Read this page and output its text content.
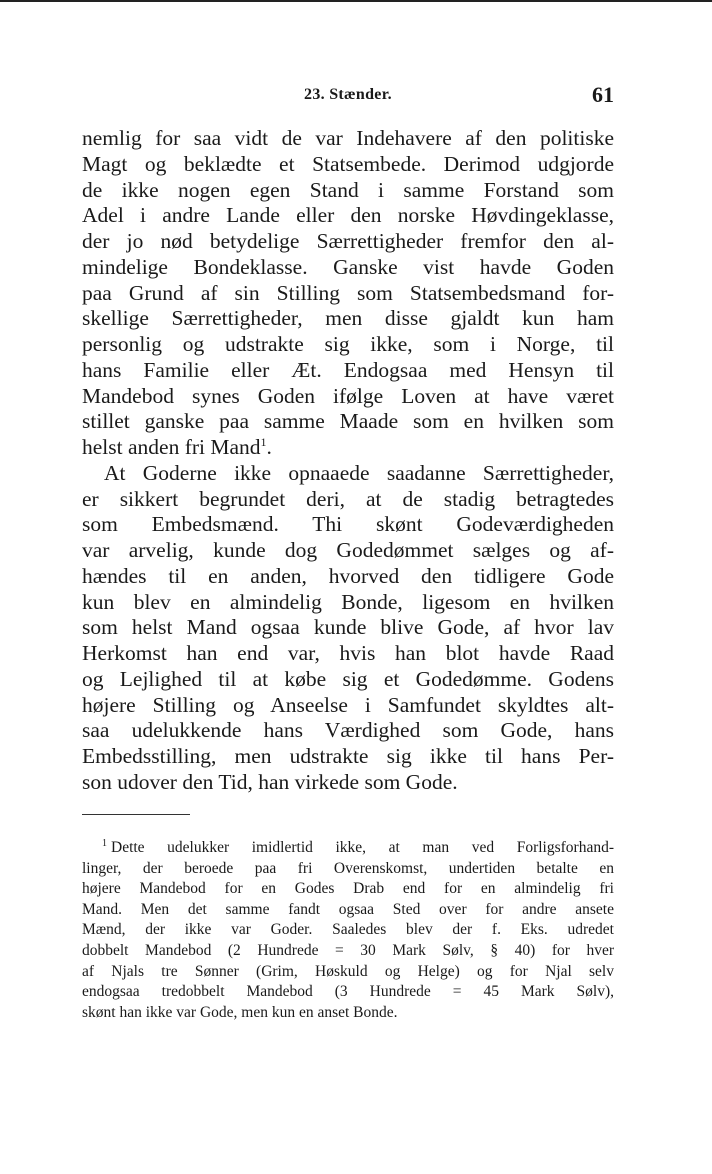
23. Stænder.	61
nemlig for saa vidt de var Indehavere af den politiske
Magt og beklædte et Statsembede. Derimod udgjorde
de ikke nogen egen Stand i samme Forstand som
Adel i andre Lande eller den norske Høvdingeklasse,
der jo nød betydelige Særrettigheder fremfor den al-
mindelige Bondeklasse. Ganske vist havde Goden
paa Grund af sin Stilling som Statsembedsmand for-
skellige Særrettigheder, men disse gjaldt kun ham
personlig og udstrakte sig ikke, som i Norge, til
hans Familie eller Æt. Endogsaa med Hensyn til
Mandebod synes Goden ifølge Loven at have været
stillet ganske paa samme Maade som en hvilken som
helst anden fri Mand$^1$.
At Goderne ikke opnaaede saadanne Særrettigheder,
er sikkert begrundet deri, at de stadig betragtedes
som Embedsmænd. Thi skønt Godeværdigheden
var arvelig, kunde dog Godedømmet sælges og af-
hændes til en anden, hvorved den tidligere Gode
kun blev en almindelig Bonde, ligesom en hvilken
som helst Mand ogsaa kunde blive Gode, af hvor lav
Herkomst han end var, hvis han blot havde Raad
og Lejlighed til at købe sig et Godedømme. Godens
højere Stilling og Anseelse i Samfundet skyldtes alt-
saa udelukkende hans Værdighed som Gode, hans
Embedsstilling, men udstrakte sig ikke til hans Per-
son udover den Tid, han virkede som Gode.
$^1$ Dette udelukker imidlertid ikke, at man ved Forligsforhand-
linger, der beroede paa fri Overenskomst, undertiden betalte en
højere Mandebod for en Godes Drab end for en almindelig fri
Mand. Men det samme fandt ogsaa Sted over for andre ansete
Mænd, der ikke var Goder. Saaledes blev der f. Eks. udredet
dobbelt Mandebod (2 Hundrede = 30 Mark Sølv, § 40) for hver
af Njals tre Sønner (Grim, Høskuld og Helge) og for Njal selv
endogsaa tredobbelt Mandebod (3 Hundrede = 45 Mark Sølv),
skønt han ikke var Gode, men kun en anset Bonde.
